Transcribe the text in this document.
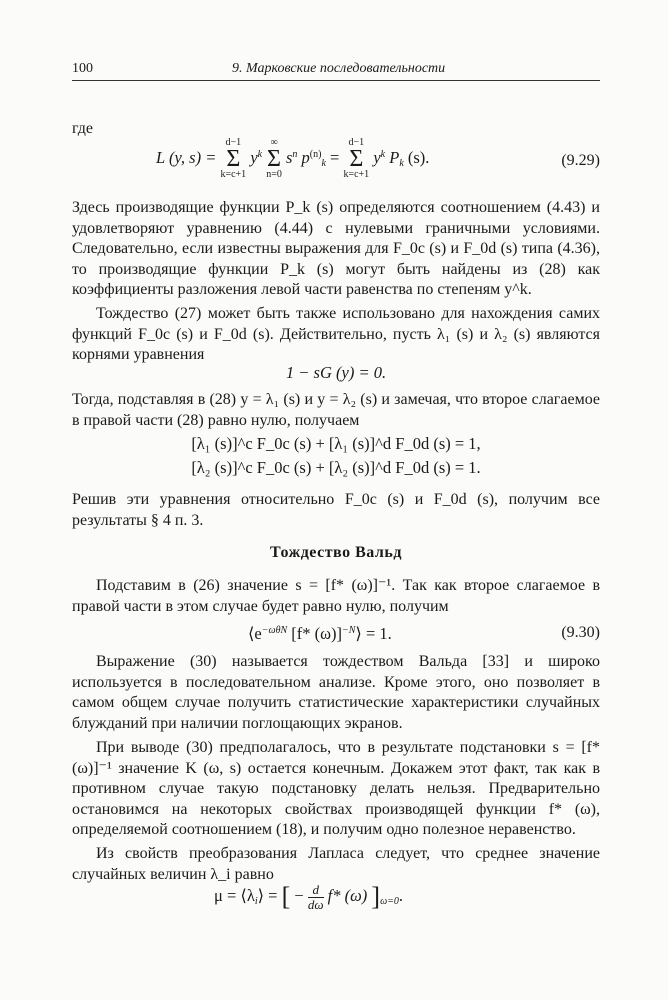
100	9. Марковские последовательности
где
L (y, s) =
d−1
Σ
k=c+1
$y^k$
∞
Σ
n=0
$s^n$ $p^{(n)}_k$ =
d−1
Σ
k=c+1
$y^k$ $P_k$ (s).	(9.29)

Здесь производящие функции P_k (s) определяются соотношением (4.43) и удовлетворяют уравнению (4.44) с нулевыми граничными условиями. Следовательно, если известны выражения для F_0c (s) и F_0d (s) типа (4.36), то производящие функции P_k (s) могут быть найдены из (28) как коэффициенты разложения левой части равенства по степеням y^k.

Тождество (27) может быть также использовано для нахождения самих функций F_0c (s) и F_0d (s). Действительно, пусть λ₁ (s) и λ₂ (s) являются корнями уравнения

1 − sG (y) = 0.

Тогда, подставляя в (28) y = λ₁ (s) и y = λ₂ (s) и замечая, что второе слагаемое в правой части (28) равно нулю, получаем

[λ₁ (s)]^c F_0c (s) + [λ₁ (s)]^d F_0d (s) = 1,
[λ₂ (s)]^c F_0c (s) + [λ₂ (s)]^d F_0d (s) = 1.

Решив эти уравнения относительно F_0c (s) и F_0d (s), получим все результаты § 4 п. 3.

Тождество Вальд

Подставим в (26) значение s = [f* (ω)]⁻¹. Так как второе слагаемое в правой части в этом случае будет равно нулю, получим

$⟨e^{-\omega\theta N}$ [f* (ω)]$^{-N}$⟩ = 1.	(9.30)

Выражение (30) называется тождеством Вальда [33] и широко используется в последовательном анализе. Кроме этого, оно позволяет в самом общем случае получить статистические характеристики случайных блужданий при наличии поглощающих экранов.

При выводе (30) предполагалось, что в результате подстановки s = [f* (ω)]⁻¹ значение K (ω, s) остается конечным. Докажем этот факт, так как в противном случае такую подстановку делать нельзя. Предварительно остановимся на некоторых свойствах производящей функции f* (ω), определяемой соотношением (18), и получим одно полезное неравенство.

Из свойств преобразования Лапласа следует, что среднее значение случайных величин λ_i равно

$\mu = ⟨\lambda_i⟩$ = [ − $\frac{d}{d\omega} f*$ (ω) ]$_{\omega=0}$.
